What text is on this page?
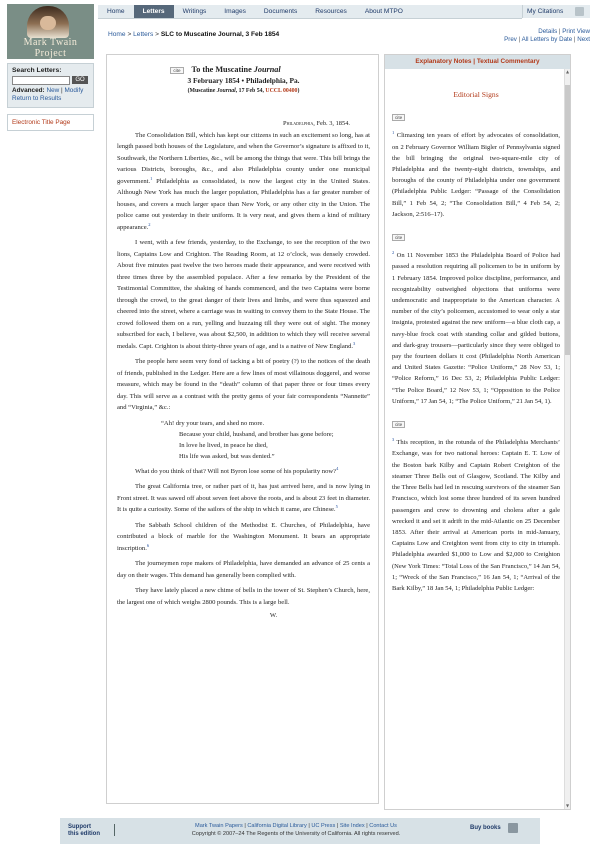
Mark Twain
Project
Search Letters:
GO
Advanced: New | Modify
Return to Results
Electronic Title Page
Home	Letters	Writings	Images	Documents	Resources	About MTPO	My Citations
Home > Letters > SLC to Muscatine Journal, 3 Feb 1854	Details | Print View
Prev | All Letters by Date | Next
cite To the Muscatine Journal
3 February 1854 • Philadelphia, Pa.
(Muscatine Journal, 17 Feb 54, UCCL 00400)
Philadelphia, Feb. 3, 1854.

The Consolidation Bill, which has kept our citizens in such an excitement so long, has at length passed both houses of the Legislature, and when the Governor’s signature is affixed to it, Southwark, the Northern Liberties, &c., will be among the things that were. This bill brings the various Districts, boroughs, &c., and also Philadelphia county under one municipal government.$^1$ Philadelphia as consolidated, is now the largest city in the United States. Although New York has much the larger population, Philadelphia has a far greater number of houses, and covers a much larger space than New York, or any other city in the Union. The police came out yesterday in their uniform. It is very neat, and gives them a kind of military appearance.$^2$

I went, with a few friends, yesterday, to the Exchange, to see the reception of the two lions, Captains Low and Crighton. The Reading Room, at 12 o’clock, was densely crowded. About five minutes past twelve the two heroes made their appearance, and were received with three times three by the assembled populace. After a few remarks by the President of the Testimonial Committee, the shaking of hands commenced, and the two Captains were borne through the crowd, to the great danger of their lives and limbs, and were thus squeezed and cheered into the street, where a carriage was in waiting to convey them to the State House. The crowd followed them on a run, yelling and huzzaing till they were out of sight. The money subscribed for each, I believe, was about $2,500, in addition to which they will receive several medals. Capt. Crighton is about thirty-three years of age, and is a native of New England.$^3$

The people here seem very fond of tacking a bit of poetry (?) to the notices of the death of friends, published in the Ledger. Here are a few lines of most villainous doggerel, and worse measure, which may be found in the “death” column of that paper three or four times every day. This will serve as a contrast with the pretty gems of your fair correspondents “Nannette” and “Virginia,” &c.:

“Ah! dry your tears, and shed no more.
Because your child, husband, and brother has gone before;
In love he lived, in peace he died,
His life was asked, but was denied.”

What do you think of that? Will not Byron lose some of his popularity now?$^4$

The great California tree, or rather part of it, has just arrived here, and is now lying in Front street. It was sawed off about seven feet above the roots, and is about 23 feet in diameter. It is quite a curiosity. Some of the sailors of the ship in which it came, are Chinese.$^5$

The Sabbath School children of the Methodist E. Churches, of Philadelphia, have contributed a block of marble for the Washington Monument. It bears an appropriate inscription.$^6$

The journeymen rope makers of Philadelphia, have demanded an advance of 25 cents a day on their wages. This demand has generally been complied with.

They have lately placed a new chime of bells in the tower of St. Stephen’s Church, here, the largest one of which weighs 2800 pounds. This is a large bell.

W.
Explanatory Notes | Textual Commentary
Editorial Signs
cite
$^1$ Climaxing ten years of effort by advocates of consolidation, on 2 February Governor William Bigler of Pennsylvania signed the bill bringing the original two-square-mile city of Philadelphia and the twenty-eight districts, townships, and boroughs of the county of Philadelphia under one government (Philadelphia Public Ledger: “Passage of the Consolidation Bill,” 1 Feb 54, 2; “The Consolidation Bill,” 4 Feb 54, 2; Jackson, 2:516–17).
cite
$^2$ On 11 November 1853 the Philadelphia Board of Police had passed a resolution requiring all policemen to be in uniform by 1 February 1854. Improved police discipline, performance, and recognizability outweighed objections that uniforms were undemocratic and inappropriate to the American character. A number of the city’s policemen, accustomed to wear only a star insignia, protested against the new uniform—a blue cloth cap, a navy-blue frock coat with standing collar and gilded buttons, and dark-gray trousers—particularly since they were obliged to pay the fourteen dollars it cost (Philadelphia North American and United States Gazette: “Police Uniform,” 28 Nov 53, 1; “Police Reform,” 16 Dec 53, 2; Philadelphia Public Ledger: “The Police Board,” 12 Nov 53, 1; “Opposition to the Police Uniform,” 17 Jan 54, 1; “The Police Uniform,” 21 Jan 54, 1).
cite
$^3$ This reception, in the rotunda of the Philadelphia Merchants’ Exchange, was for two national heroes: Captain E. T. Low of the Boston bark Kilby and Captain Robert Creighton of the steamer Three Bells out of Glasgow, Scotland. The Kilby and the Three Bells had led in rescuing survivors of the steamer San Francisco, which lost some three hundred of its seven hundred passengers and crew to drowning and cholera after a gale wrecked it and set it adrift in the mid-Atlantic on 25 December 1853. After their arrival at American ports in mid-January, Captains Low and Creighton went from city to city in triumph. Philadelphia awarded $1,000 to Low and $2,000 to Creighton (New York Times: “Total Loss of the San Francisco,” 14 Jan 54, 1; “Wreck of the San Francisco,” 16 Jan 54, 1; “Arrival of the Bark Kilby,” 18 Jan 54, 1; Philadelphia Public Ledger:
▲
▼
Support
this edition
Mark Twain Papers | California Digital Library | UC Press | Site Index | Contact Us
Copyright © 2007–24 The Regents of the University of California. All rights reserved.
Buy books
